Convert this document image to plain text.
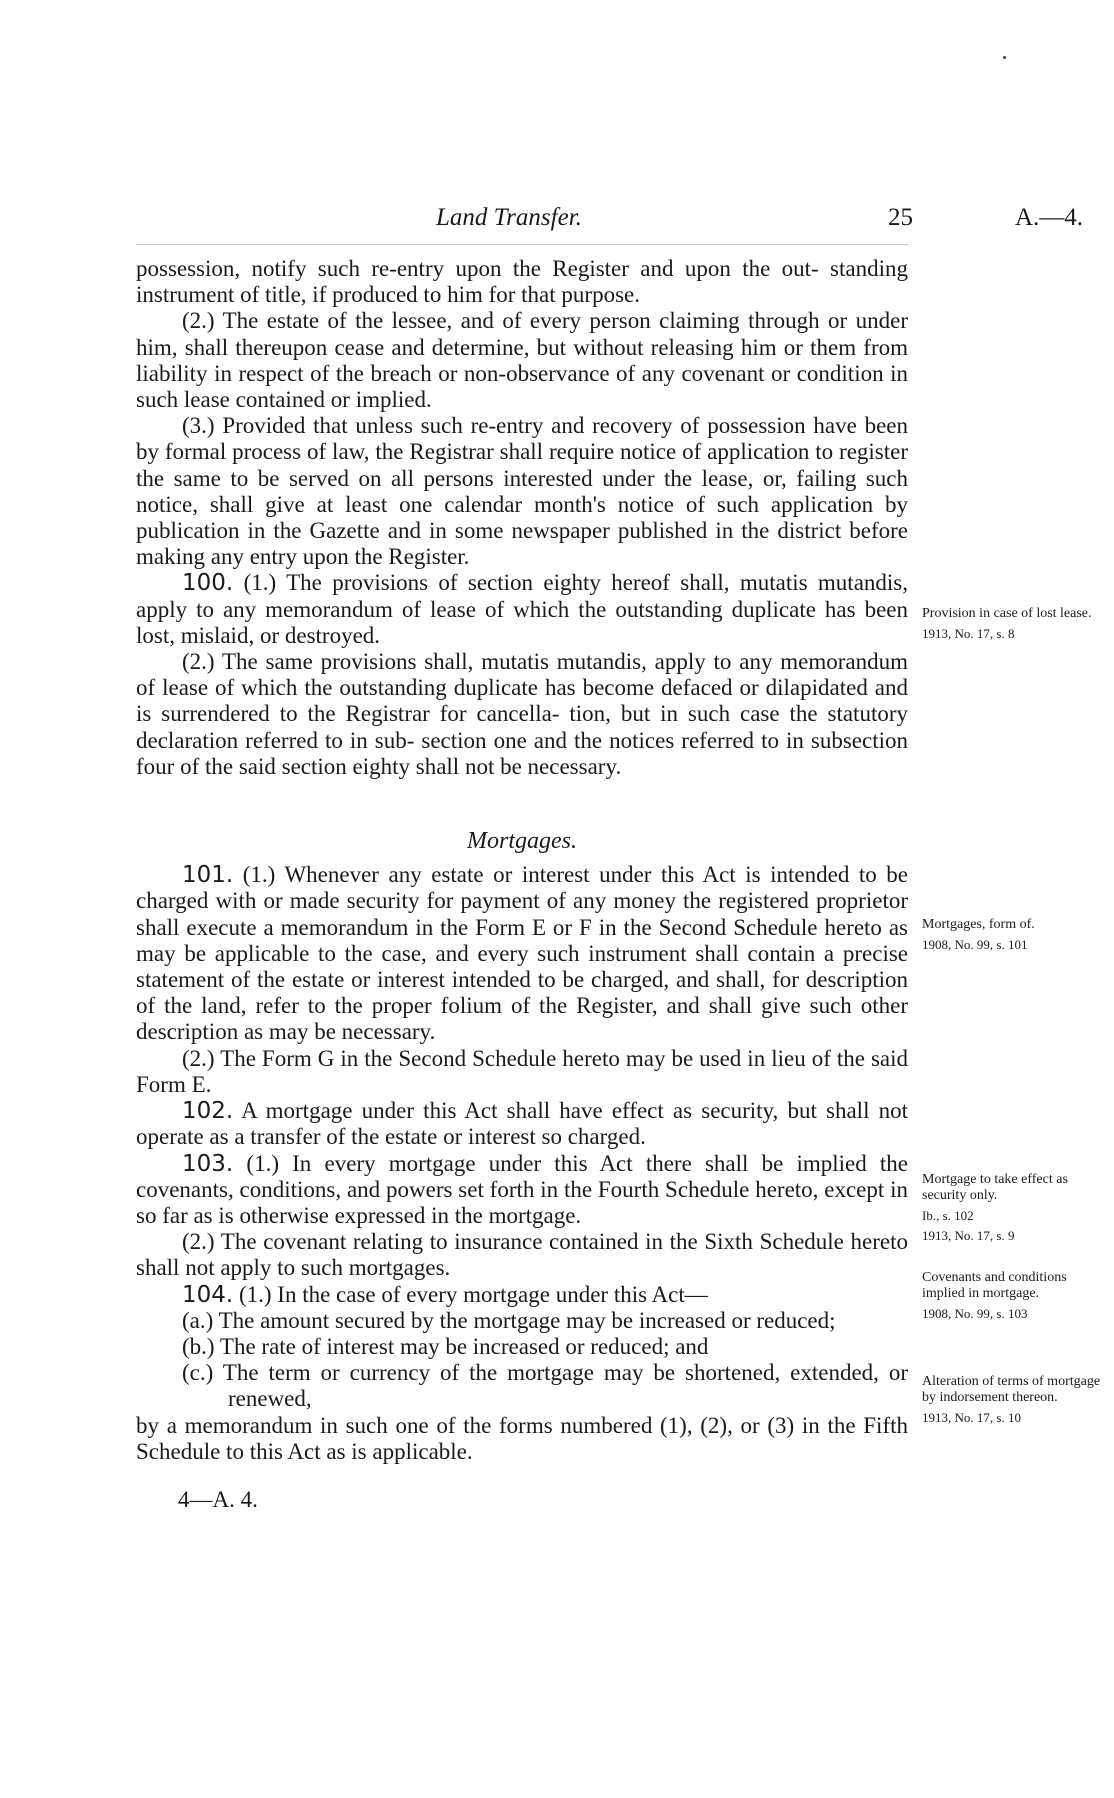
Land Transfer.	25	A.—4.

possession, notify such re-entry upon the Register and upon the out- standing instrument of title, if produced to him for that purpose.

(2.) The estate of the lessee, and of every person claiming through or under him, shall thereupon cease and determine, but without releasing him or them from liability in respect of the breach or non-observance of any covenant or condition in such lease contained or implied.

(3.) Provided that unless such re-entry and recovery of possession have been by formal process of law, the Registrar shall require notice of application to register the same to be served on all persons interested under the lease, or, failing such notice, shall give at least one calendar month's notice of such application by publication in the Gazette and in some newspaper published in the district before making any entry upon the Register.

100. (1.) The provisions of section eighty hereof shall, mutatis mutandis, apply to any memorandum of lease of which the outstanding duplicate has been lost, mislaid, or destroyed.

(2.) The same provisions shall, mutatis mutandis, apply to any memorandum of lease of which the outstanding duplicate has become defaced or dilapidated and is surrendered to the Registrar for cancella- tion, but in such case the statutory declaration referred to in sub- section one and the notices referred to in subsection four of the said section eighty shall not be necessary.

Mortgages.

101. (1.) Whenever any estate or interest under this Act is intended to be charged with or made security for payment of any money the registered proprietor shall execute a memorandum in the Form E or F in the Second Schedule hereto as may be applicable to the case, and every such instrument shall contain a precise statement of the estate or interest intended to be charged, and shall, for description of the land, refer to the proper folium of the Register, and shall give such other description as may be necessary.

(2.) The Form G in the Second Schedule hereto may be used in lieu of the said Form E.

102. A mortgage under this Act shall have effect as security, but shall not operate as a transfer of the estate or interest so charged.

103. (1.) In every mortgage under this Act there shall be implied the covenants, conditions, and powers set forth in the Fourth Schedule hereto, except in so far as is otherwise expressed in the mortgage.

(2.) The covenant relating to insurance contained in the Sixth Schedule hereto shall not apply to such mortgages.

104. (1.) In the case of every mortgage under this Act—

(a.) The amount secured by the mortgage may be increased or reduced;

(b.) The rate of interest may be increased or reduced; and

(c.) The term or currency of the mortgage may be shortened, extended, or renewed,

by a memorandum in such one of the forms numbered (1), (2), or (3) in the Fifth Schedule to this Act as is applicable.

4—A. 4.
Provision in case of lost lease.
1913, No. 17, s. 8
Mortgages, form of.
1908, No. 99, s. 101
Mortgage to take effect as security only.
Ib., s. 102
1913, No. 17, s. 9
Covenants and conditions implied in mortgage.
1908, No. 99, s. 103
Alteration of terms of mortgage by indorsement thereon.
1913, No. 17, s. 10
